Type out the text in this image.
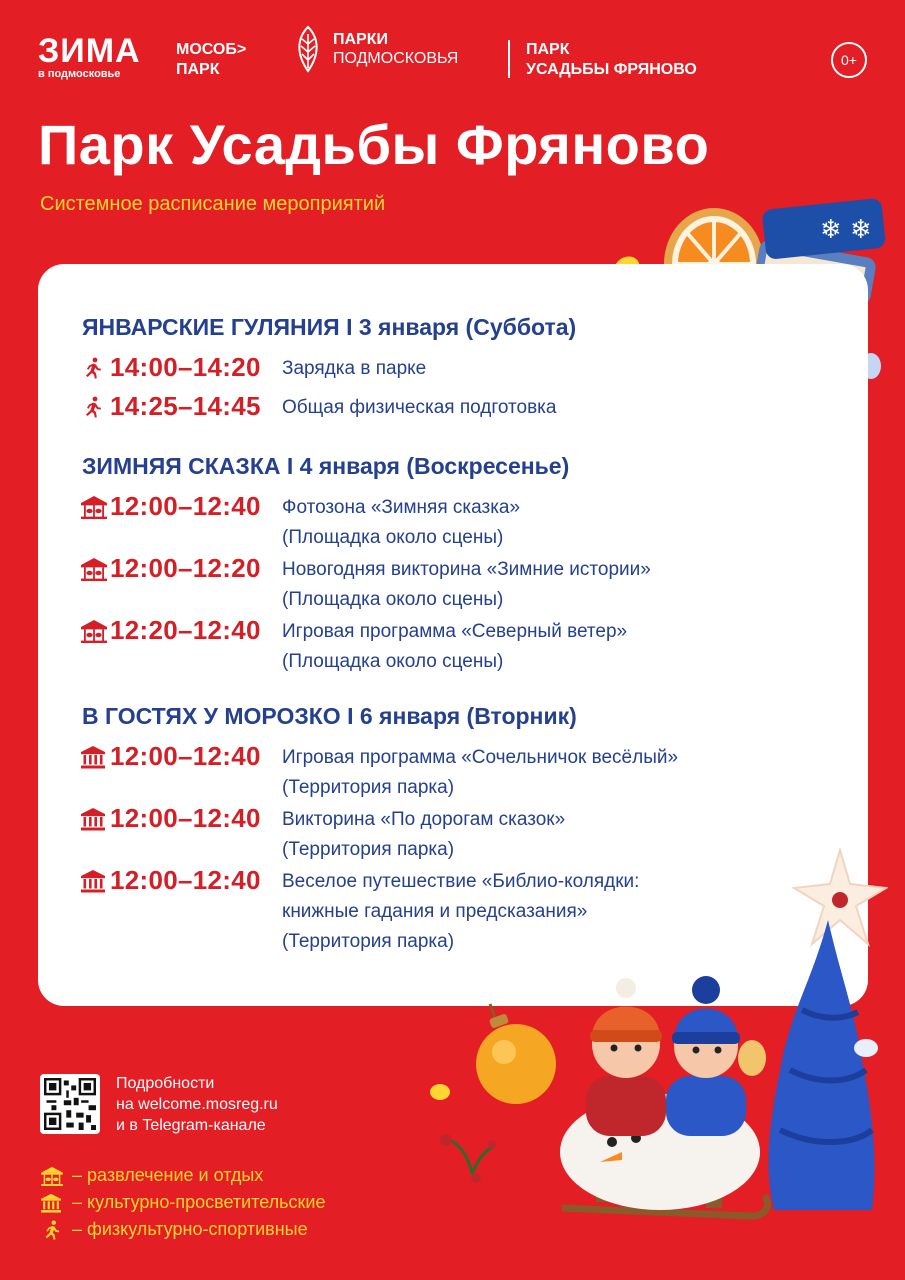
ЗИМА
в подмосковье
МОСОБ>
ПАРК
ПАРКИ
ПОДМОСКОВЬЯ
ПАРК
УСАДЬБЫ ФРЯНОВО
0+
Парк Усадьбы Фряново
Системное расписание мероприятий
❄ ❄
ЯНВАРСКИЕ ГУЛЯНИЯ I 3 января (Суббота)
14:00–14:20	Зарядка в парке
14:25–14:45	Общая физическая подготовка
ЗИМНЯЯ СКАЗКА I 4 января (Воскресенье)
12:00–12:40	Фотозона «Зимняя сказка»
(Площадка около сцены)
12:00–12:20	Новогодняя викторина «Зимние истории»
(Площадка около сцены)
12:20–12:40	Игровая программа «Северный ветер»
(Площадка около сцены)
В ГОСТЯХ У МОРОЗКО I 6 января (Вторник)
12:00–12:40	Игровая программа «Сочельничок весёлый»
(Территория парка)
12:00–12:40	Викторина «По дорогам сказок»
(Территория парка)
12:00–12:40	Веселое путешествие «Библио-колядки:
книжные гадания и предсказания»
(Территория парка)
Подробности
на welcome.mosreg.ru
и в Telegram-канале
– развлечение и отдых
– культурно-просветительские
– физкультурно-спортивные
